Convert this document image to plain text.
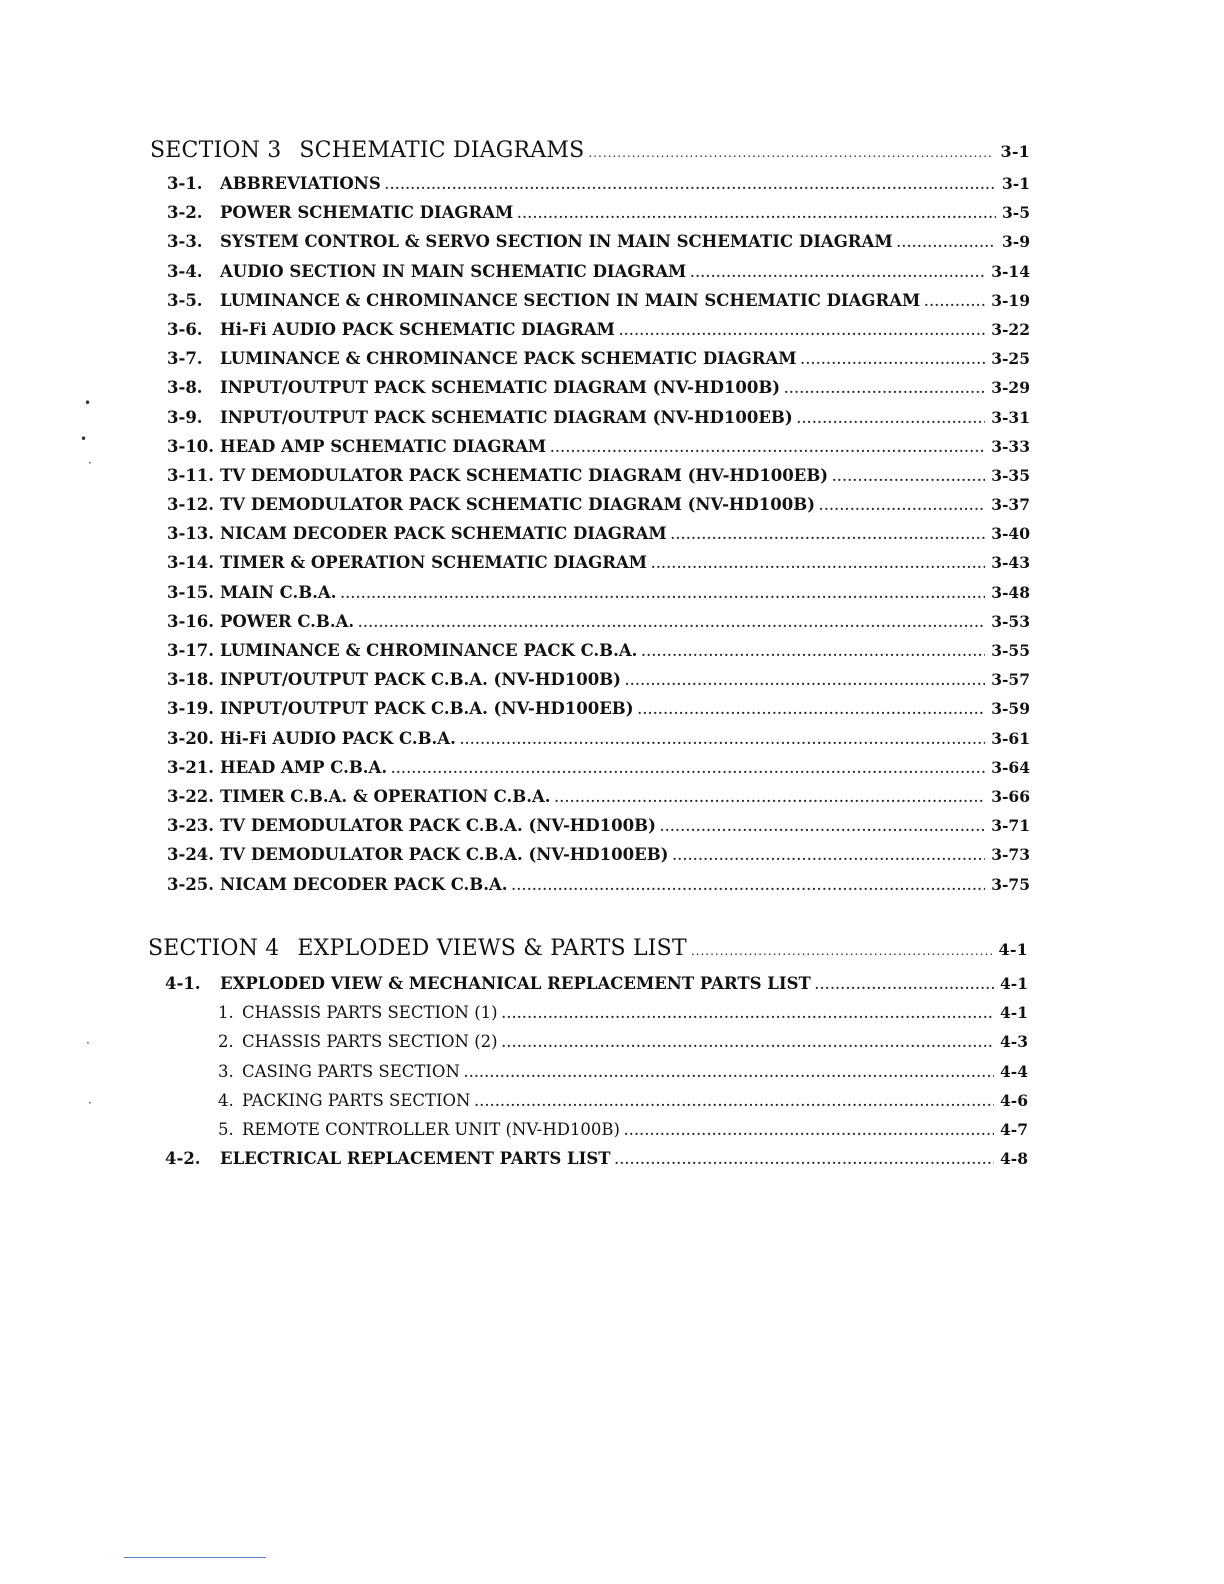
SECTION 3 SCHEMATIC DIAGRAMS .....	3-1
3-1.	ABBREVIATIONS .....	3-1
3-2.	POWER SCHEMATIC DIAGRAM .....	3-5
3-3.	SYSTEM CONTROL & SERVO SECTION IN MAIN SCHEMATIC DIAGRAM .....	3-9
3-4.	AUDIO SECTION IN MAIN SCHEMATIC DIAGRAM .....	3-14
3-5.	LUMINANCE & CHROMINANCE SECTION IN MAIN SCHEMATIC DIAGRAM .....	3-19
3-6.	Hi-Fi AUDIO PACK SCHEMATIC DIAGRAM .....	3-22
3-7.	LUMINANCE & CHROMINANCE PACK SCHEMATIC DIAGRAM .....	3-25
3-8.	INPUT/OUTPUT PACK SCHEMATIC DIAGRAM (NV-HD100B) .....	3-29
3-9.	INPUT/OUTPUT PACK SCHEMATIC DIAGRAM (NV-HD100EB) .....	3-31
3-10. HEAD AMP SCHEMATIC DIAGRAM .....	3-33
3-11. TV DEMODULATOR PACK SCHEMATIC DIAGRAM (HV-HD100EB) .....	3-35
3-12. TV DEMODULATOR PACK SCHEMATIC DIAGRAM (NV-HD100B) .....	3-37
3-13. NICAM DECODER PACK SCHEMATIC DIAGRAM .....	3-40
3-14. TIMER & OPERATION SCHEMATIC DIAGRAM .....	3-43
3-15. MAIN C.B.A. .....	3-48
3-16. POWER C.B.A. .....	3-53
3-17. LUMINANCE & CHROMINANCE PACK C.B.A. .....	3-55
3-18. INPUT/OUTPUT PACK C.B.A. (NV-HD100B) .....	3-57
3-19. INPUT/OUTPUT PACK C.B.A. (NV-HD100EB) .....	3-59
3-20. Hi-Fi AUDIO PACK C.B.A. .....	3-61
3-21. HEAD AMP C.B.A. .....	3-64
3-22. TIMER C.B.A. & OPERATION C.B.A. .....	3-66
3-23. TV DEMODULATOR PACK C.B.A. (NV-HD100B) .....	3-71
3-24. TV DEMODULATOR PACK C.B.A. (NV-HD100EB) .....	3-73
3-25. NICAM DECODER PACK C.B.A. .....	3-75
SECTION 4 EXPLODED VIEWS & PARTS LIST .....	4-1
4-1.	EXPLODED VIEW & MECHANICAL REPLACEMENT PARTS LIST .....	4-1
1. CHASSIS PARTS SECTION (1) .....	4-1
2. CHASSIS PARTS SECTION (2) .....	4-3
3. CASING PARTS SECTION .....	4-4
4. PACKING PARTS SECTION .....	4-6
5. REMOTE CONTROLLER UNIT (NV-HD100B) .....	4-7
4-2.	ELECTRICAL REPLACEMENT PARTS LIST .....	4-8
•
•
·
·
·
